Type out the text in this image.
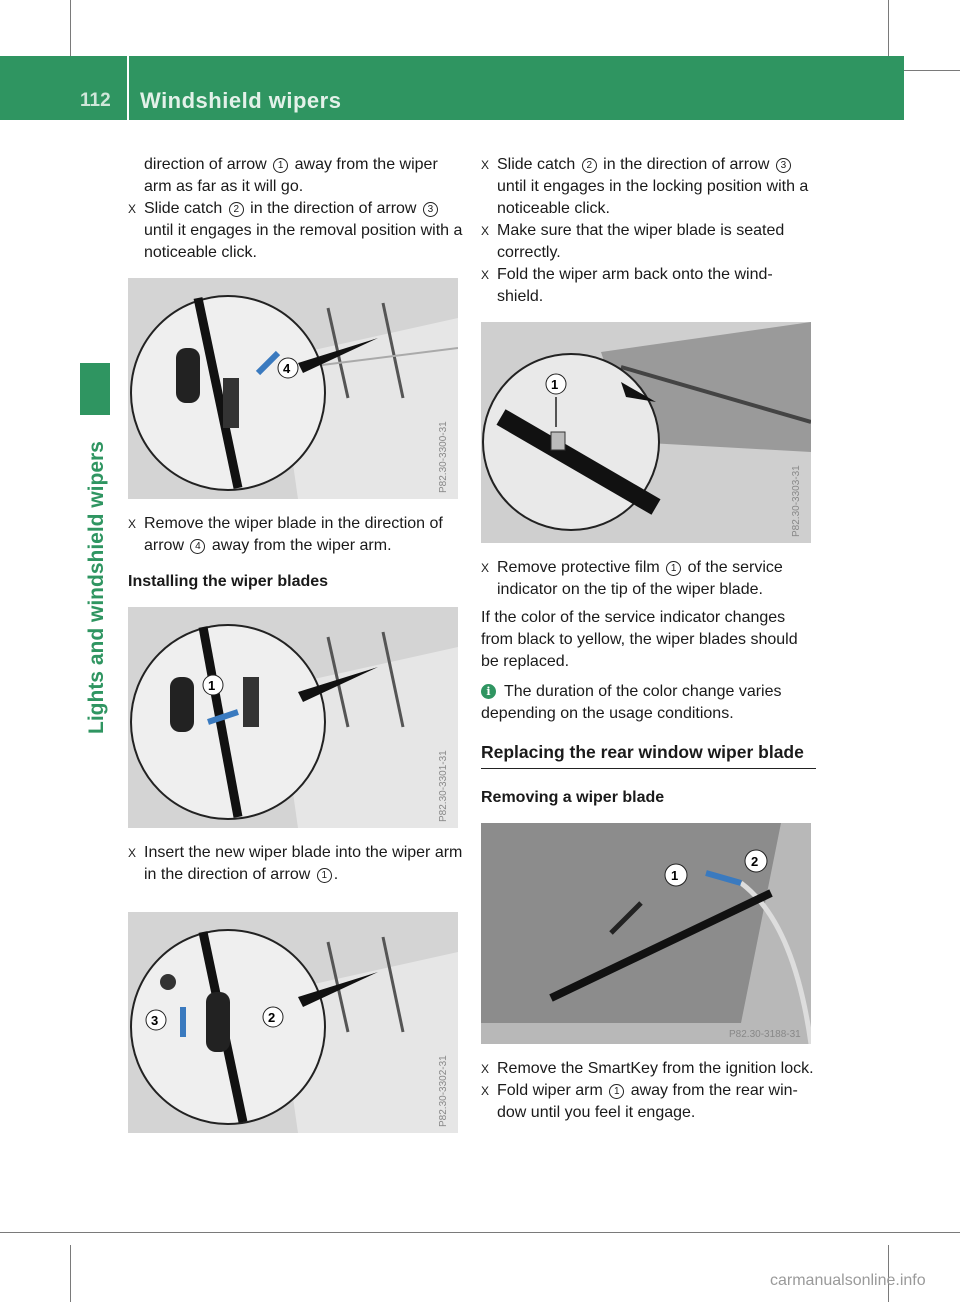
112	Windshield wipers
Lights and windshield wipers

direction of arrow 1 away from the wiper arm as far as it will go.

X Slide catch 2 in the direction of arrow 3 until it engages in the removal position with a noticeable click.

4
P82.30-3300-31

X Remove the wiper blade in the direction of arrow 4 away from the wiper arm.

Installing the wiper blades

1
P82.30-3301-31

X Insert the new wiper blade into the wiper arm in the direction of arrow 1 .

3	2
P82.30-3302-31

X Slide catch 2 in the direction of arrow 3 until it engages in the locking position with a noticeable click.

X Make sure that the wiper blade is seated correctly.

X Fold the wiper arm back onto the wind-shield.

1
P82.30-3303-31

X Remove protective film 1 of the service indicator on the tip of the wiper blade.

If the color of the service indicator changes from black to yellow, the wiper blades should be replaced.

i The duration of the color change varies depending on the usage conditions.

Replacing the rear window wiper blade

Removing a wiper blade

1
2
P82.30-3188-31

X Remove the SmartKey from the ignition lock.

X Fold wiper arm 1 away from the rear win-dow until you feel it engage.

carmanualsonline.info
